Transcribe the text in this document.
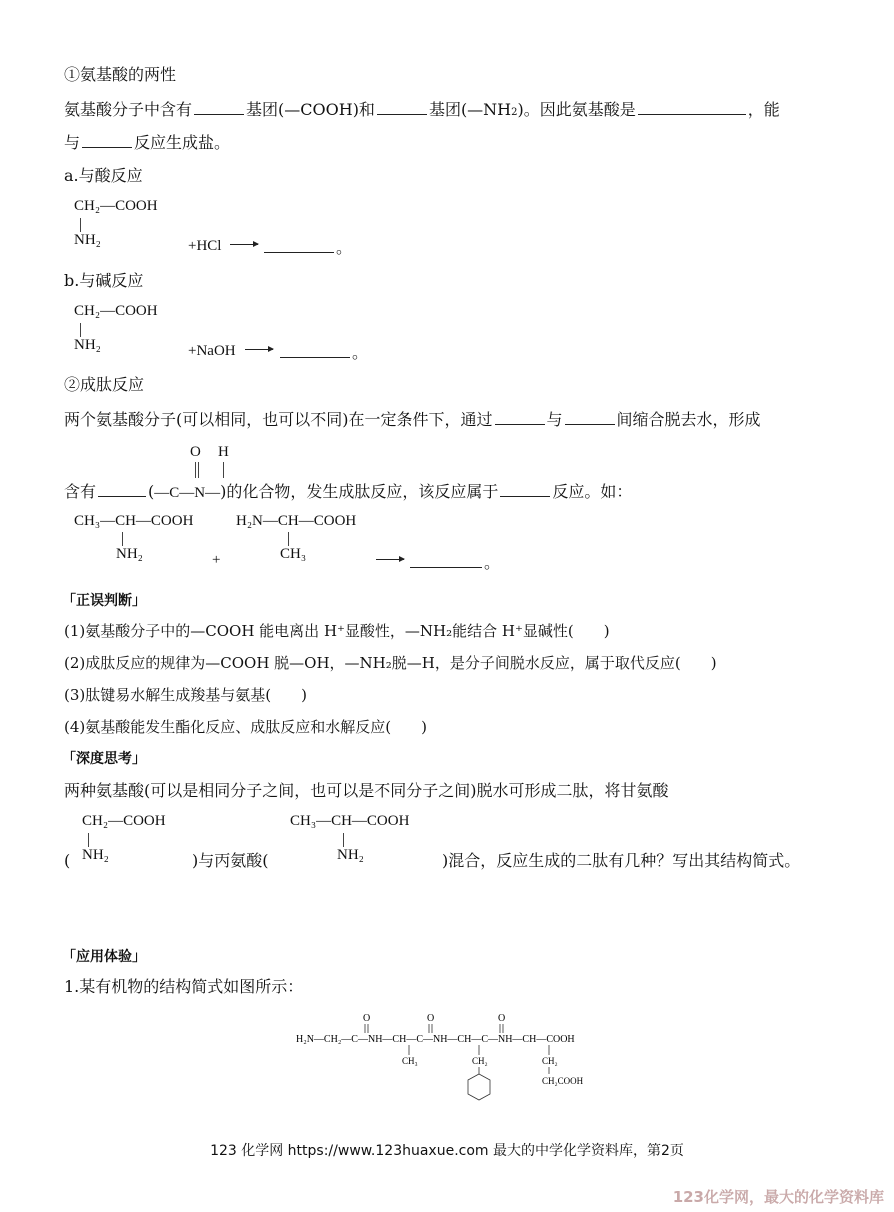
①氨基酸的两性
氨基酸分子中含有	基团(—COOH)和	基团(—NH2)。因此氨基酸是	，能
与	反应生成盐。
a.与酸反应
CH₂—COOH
NH₂	+HCl	。
b.与碱反应
CH₂—COOH
NH₂	+NaOH	。
②成肽反应
两个氨基酸分子(可以相同，也可以不同)在一定条件下，通过	与	间缩合脱去水，形成
O H
含有	(—C—N—)的化合物，发生成肽反应，该反应属于	反应。如：
CH₃—CH—COOH
NH₂	+
H₂N—CH—COOH
CH₃	。
「正误判断」
(1)氨基酸分子中的—COOH 能电离出 H⁺显酸性，—NH₂能结合 H⁺显碱性(　　)
(2)成肽反应的规律为—COOH 脱—OH，—NH₂脱—H，是分子间脱水反应，属于取代反应(　　)
(3)肽键易水解生成羧基与氨基(　　)
(4)氨基酸能发生酯化反应、成肽反应和水解反应(　　)
「深度思考」
两种氨基酸(可以是相同分子之间，也可以是不同分子之间)脱水可形成二肽，将甘氨酸
CH₂—COOH	CH₃—CH—COOH
( NH₂	)与丙氨酸(	NH₂	)混合，反应生成的二肽有几种？写出其结构简式。
「应用体验」
1.某有机物的结构简式如图所示：
H₂N—CH₂—C—NH—CH—C—NH—CH—C—NH—CH—COOH
O	O	O
CH₃	CH₂	CH₂
CH₂COOH
123 化学网 https://www.123huaxue.com 最大的中学化学资料库，第2页
123化学网，最大的化学资料库
